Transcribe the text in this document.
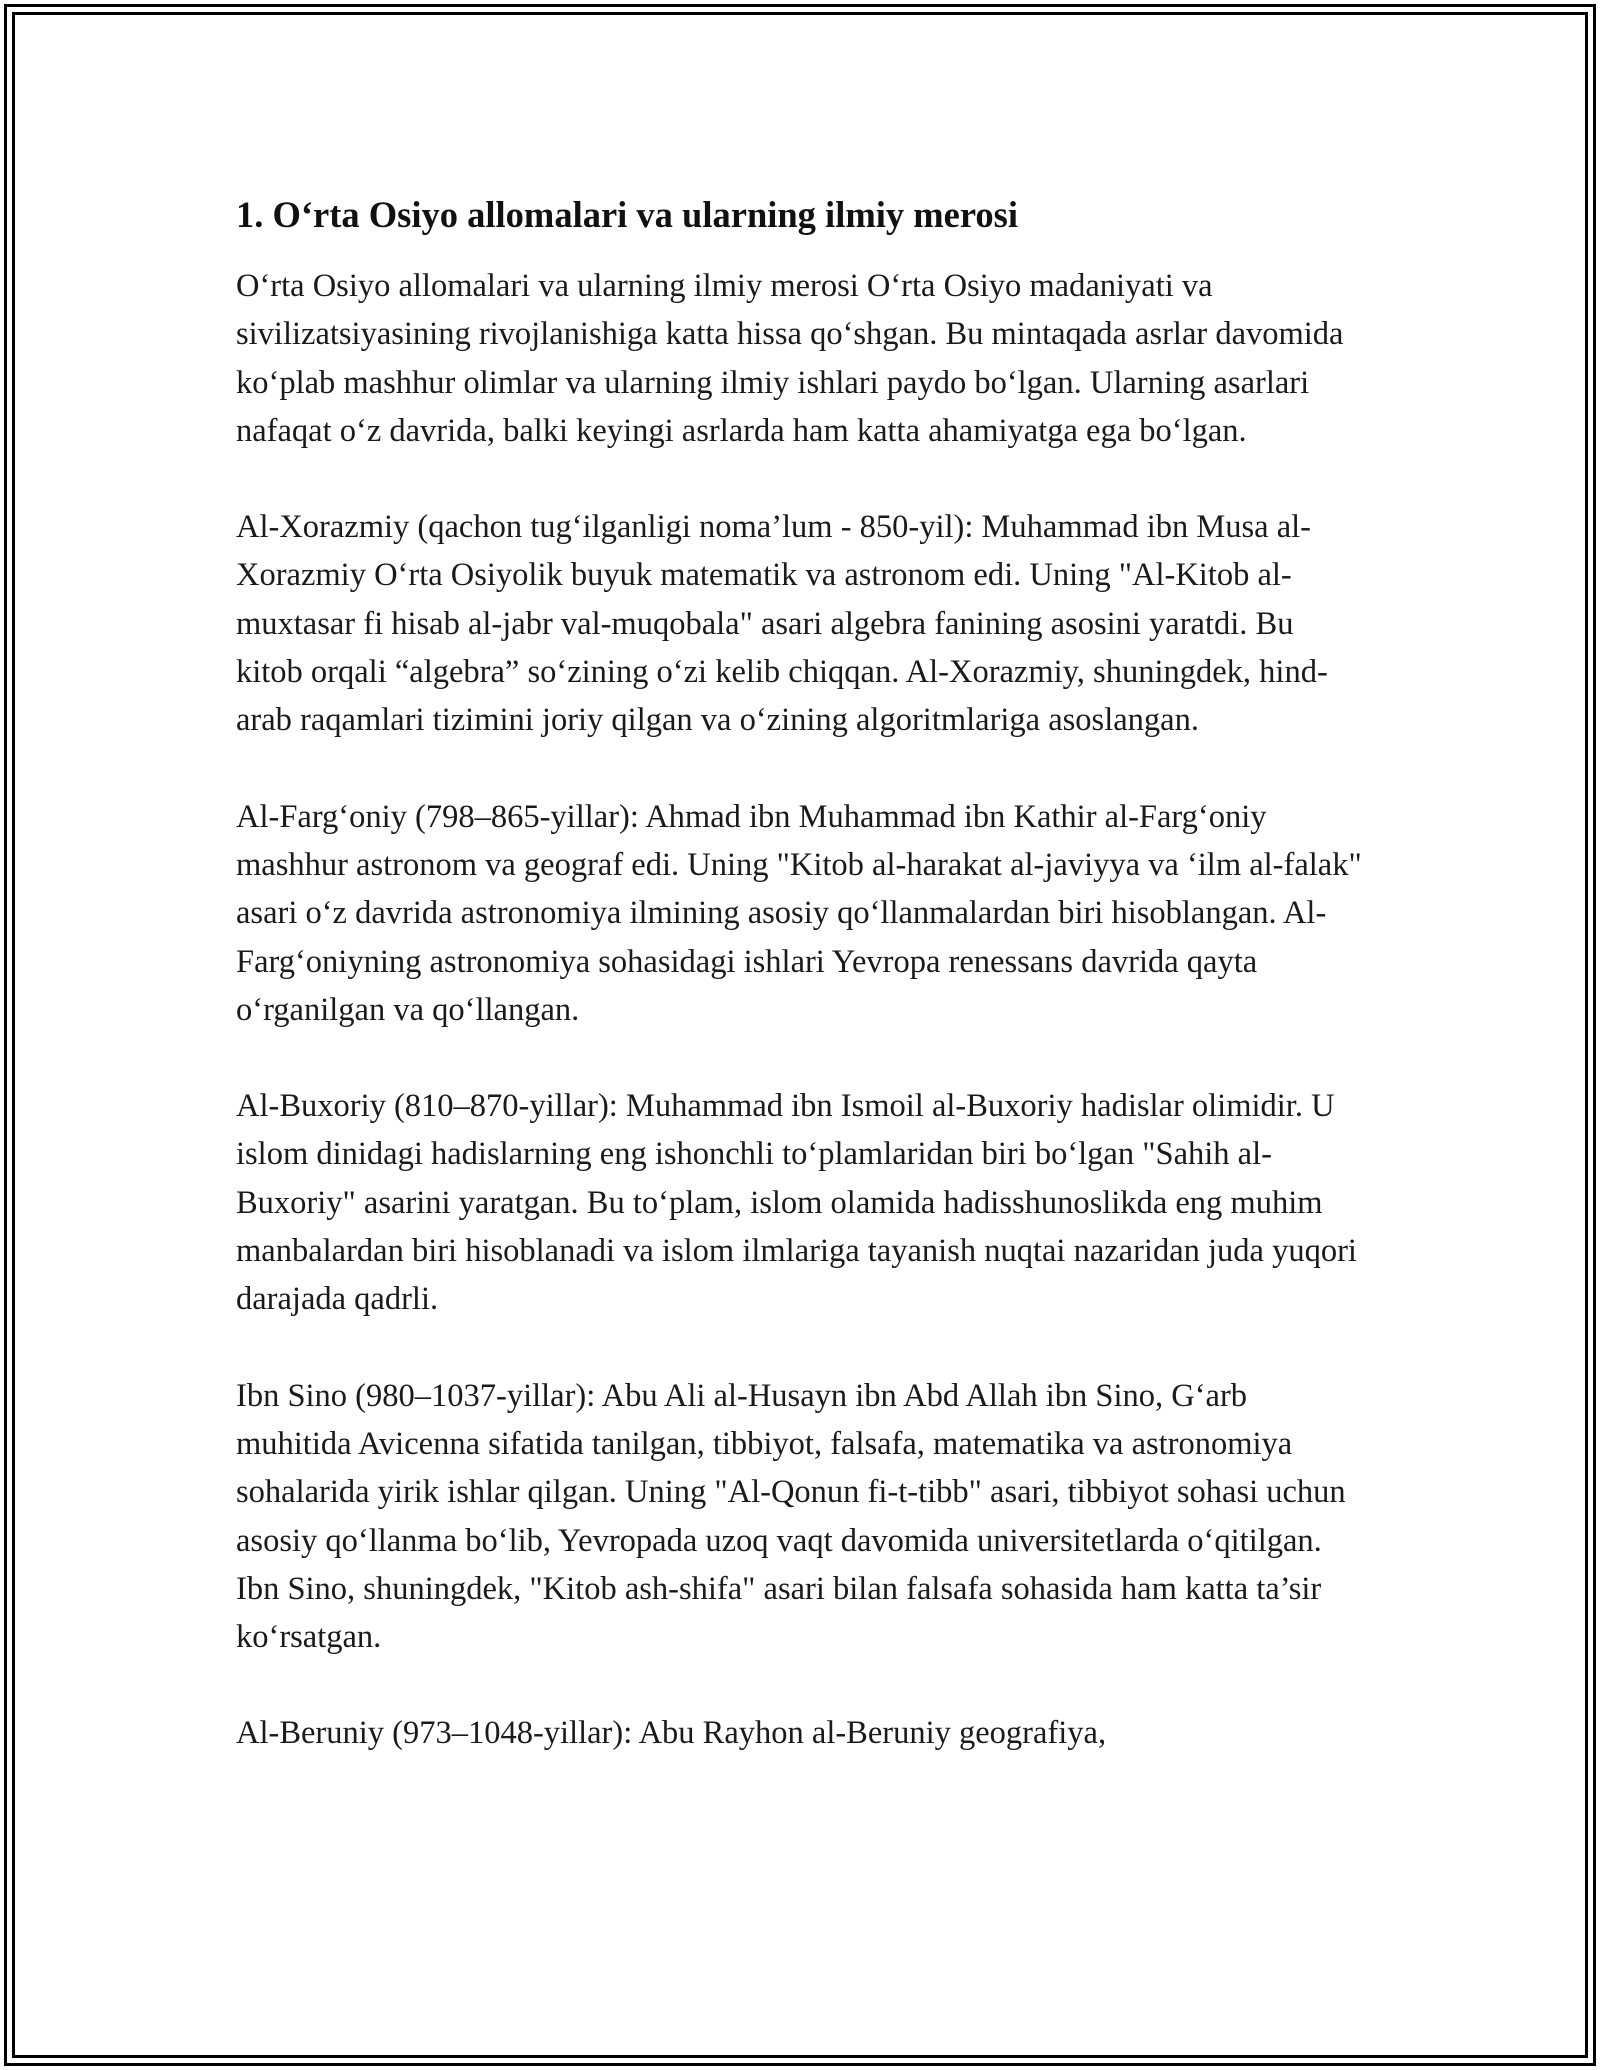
1. O‘rta Osiyo allomalari va ularning ilmiy merosi

O‘rta Osiyo allomalari va ularning ilmiy merosi O‘rta Osiyo madaniyati va sivilizatsiyasining rivojlanishiga katta hissa qo‘shgan. Bu mintaqada asrlar davomida ko‘plab mashhur olimlar va ularning ilmiy ishlari paydo bo‘lgan. Ularning asarlari nafaqat o‘z davrida, balki keyingi asrlarda ham katta ahamiyatga ega bo‘lgan.

Al-Xorazmiy (qachon tug‘ilganligi noma’lum - 850-yil): Muhammad ibn Musa al-Xorazmiy O‘rta Osiyolik buyuk matematik va astronom edi. Uning "Al-Kitob al-muxtasar fi hisab al-jabr val-muqobala" asari algebra fanining asosini yaratdi. Bu kitob orqali “algebra” so‘zining o‘zi kelib chiqqan. Al-Xorazmiy, shuningdek, hind-arab raqamlari tizimini joriy qilgan va o‘zining algoritmlariga asoslangan.

Al-Farg‘oniy (798–865-yillar): Ahmad ibn Muhammad ibn Kathir al-Farg‘oniy mashhur astronom va geograf edi. Uning "Kitob al-harakat al-javiyya va ‘ilm al-falak" asari o‘z davrida astronomiya ilmining asosiy qo‘llanmalardan biri hisoblangan. Al-Farg‘oniyning astronomiya sohasidagi ishlari Yevropa renessans davrida qayta o‘rganilgan va qo‘llangan.

Al-Buxoriy (810–870-yillar): Muhammad ibn Ismoil al-Buxoriy hadislar olimidir. U islom dinidagi hadislarning eng ishonchli to‘plamlaridan biri bo‘lgan "Sahih al-Buxoriy" asarini yaratgan. Bu to‘plam, islom olamida hadisshunoslikda eng muhim manbalardan biri hisoblanadi va islom ilmlariga tayanish nuqtai nazaridan juda yuqori darajada qadrli.

Ibn Sino (980–1037-yillar): Abu Ali al-Husayn ibn Abd Allah ibn Sino, G‘arb muhitida Avicenna sifatida tanilgan, tibbiyot, falsafa, matematika va astronomiya sohalarida yirik ishlar qilgan. Uning "Al-Qonun fi-t-tibb" asari, tibbiyot sohasi uchun asosiy qo‘llanma bo‘lib, Yevropada uzoq vaqt davomida universitetlarda o‘qitilgan. Ibn Sino, shuningdek, "Kitob ash-shifa" asari bilan falsafa sohasida ham katta ta’sir ko‘rsatgan.

Al-Beruniy (973–1048-yillar): Abu Rayhon al-Beruniy geografiya,
